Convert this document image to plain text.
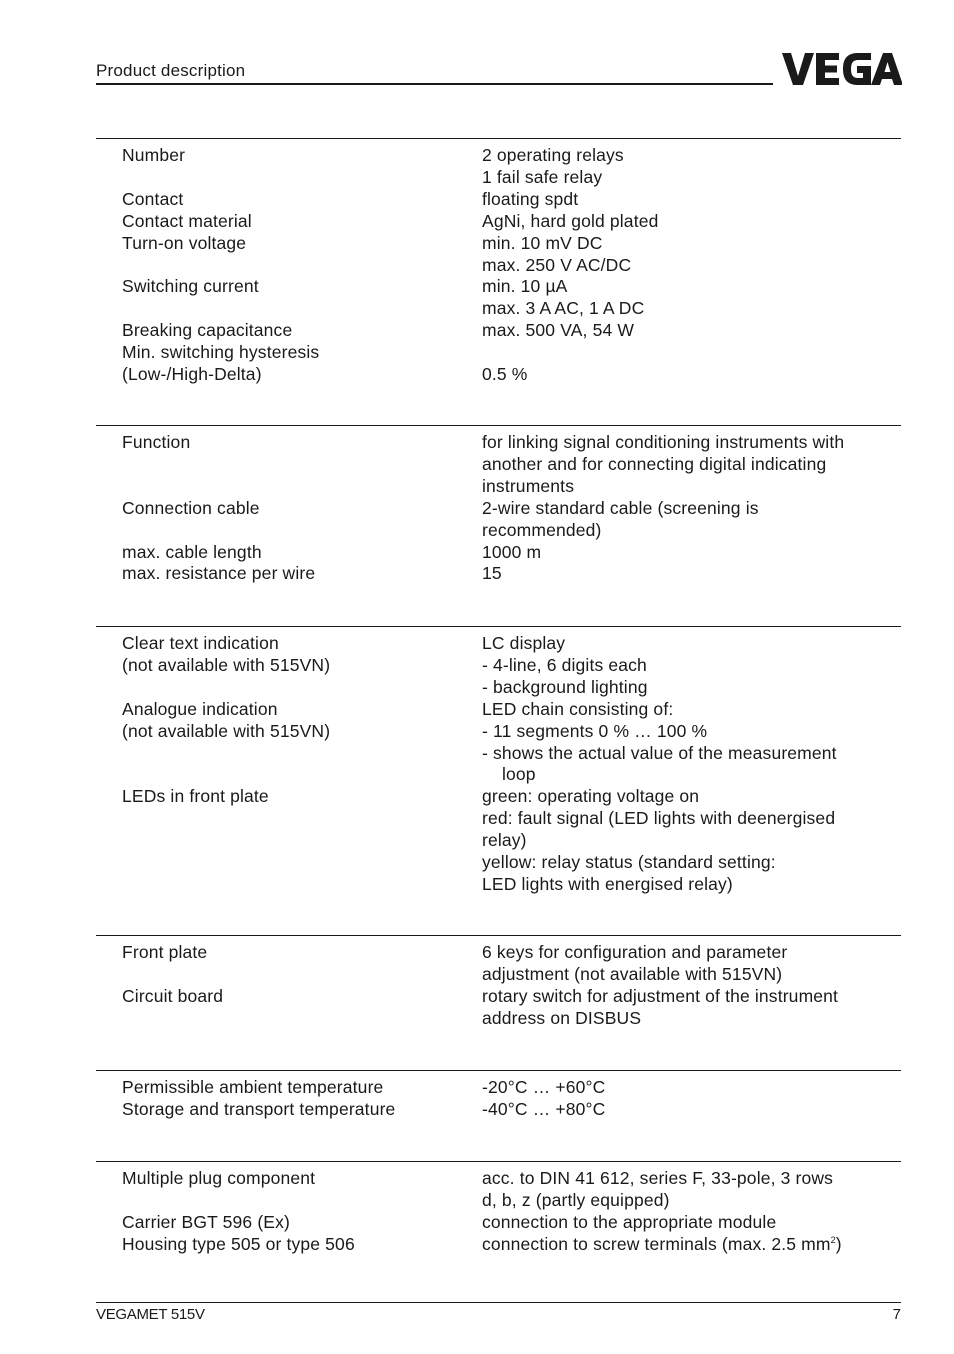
Product description
Number
Contact
Contact material
Turn-on voltage
Switching current
Breaking capacitance
Min. switching hysteresis
(Low-/High-Delta)
2 operating relays
1 fail safe relay
floating spdt
AgNi, hard gold plated
min. 10 mV DC
max. 250 V AC/DC
min. 10 µA
max. 3 A AC, 1 A DC
max. 500 VA, 54 W
0.5 %
Function
Connection cable
max. cable length
max. resistance per wire
for linking signal conditioning instruments with
another and for connecting digital indicating
instruments
2-wire standard cable (screening is
recommended)
1000 m
15
Clear text indication
(not available with 515VN)
Analogue indication
(not available with 515VN)
LEDs in front plate
LC display
- 4-line, 6 digits each
- background lighting
LED chain consisting of:
- 11 segments 0 % … 100 %
- shows the actual value of the measurement
loop
green: operating voltage on
red: fault signal (LED lights with deenergised
relay)
yellow: relay status (standard setting:
LED lights with energised relay)
Front plate
Circuit board
6 keys for configuration and parameter
adjustment (not available with 515VN)
rotary switch for adjustment of the instrument
address on DISBUS
Permissible ambient temperature
Storage and transport temperature
-20°C … +60°C
-40°C … +80°C
Multiple plug component
Carrier BGT 596 (Ex)
Housing type 505 or type 506
acc. to DIN 41 612, series F, 33-pole, 3 rows
d, b, z (partly equipped)
connection to the appropriate module
connection to screw terminals (max. 2.5 $mm^2$)
VEGAMET 515V	7
